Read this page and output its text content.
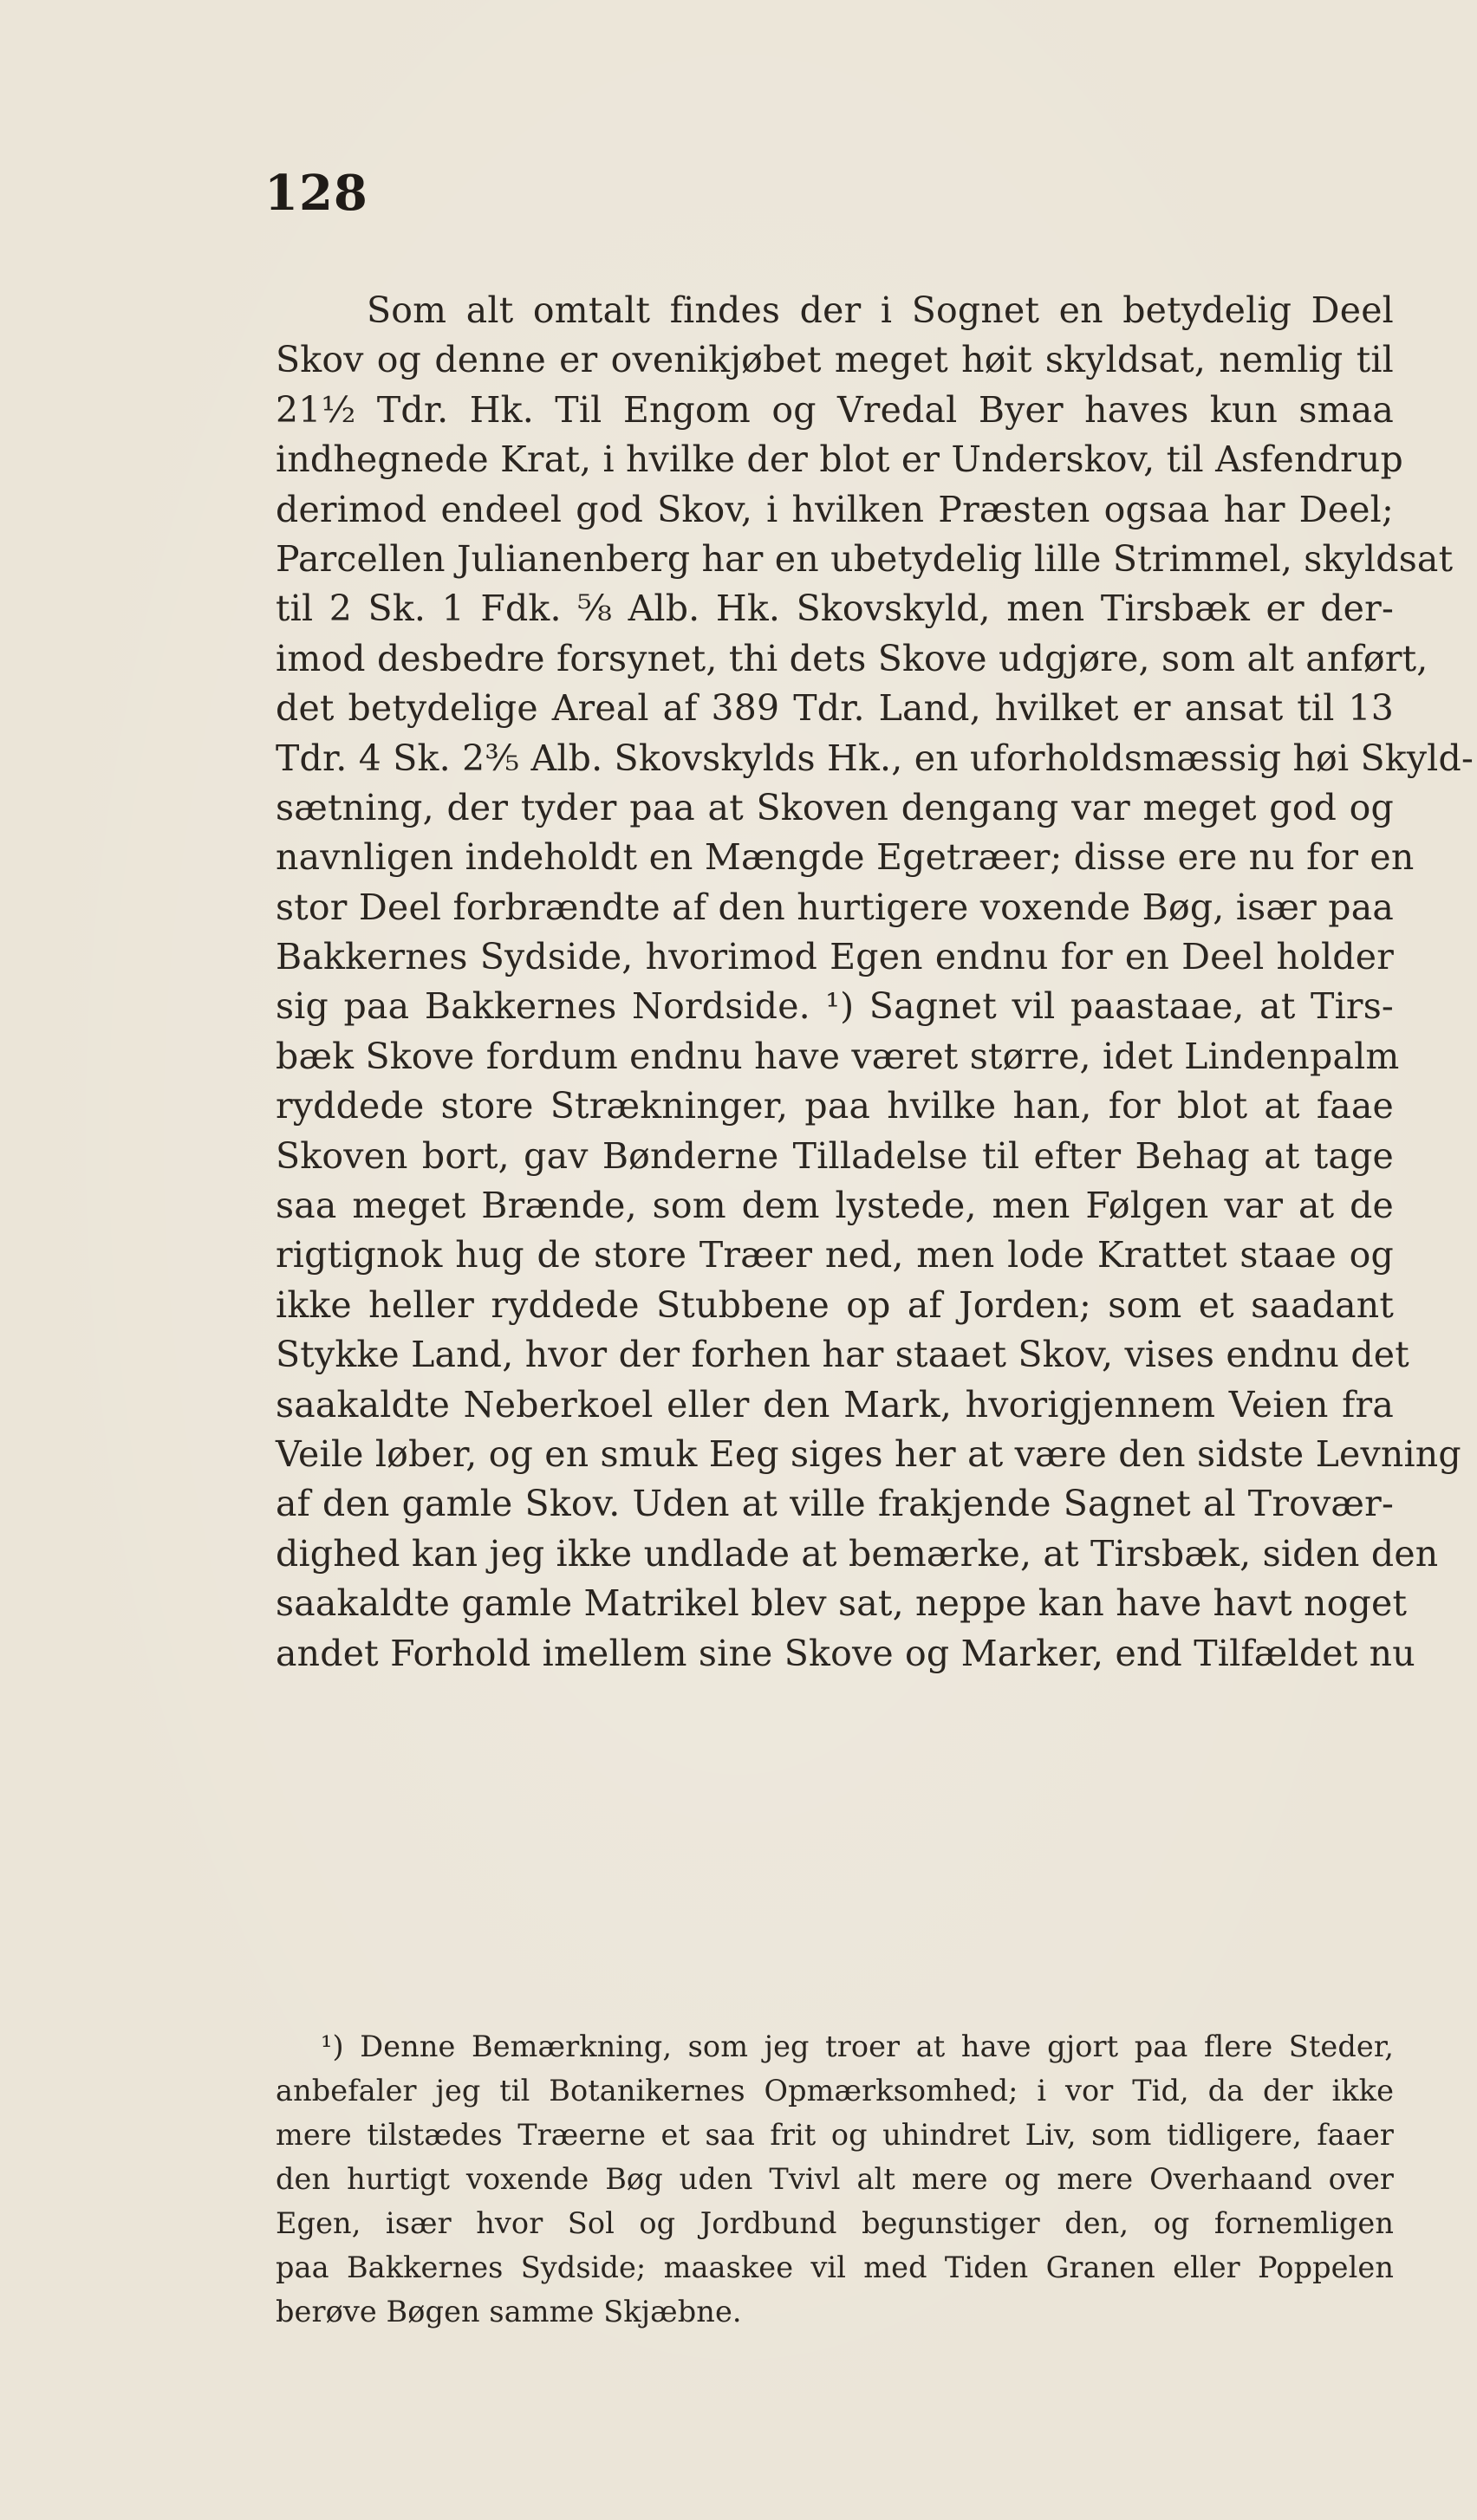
128
Som alt omtalt findes der i Sognet en betydelig Deel
Skov og denne er ovenikjøbet meget høit skyldsat, nemlig til
21½ Tdr. Hk. Til Engom og Vredal Byer haves kun smaa
indhegnede Krat, i hvilke der blot er Underskov, til Asfendrup
derimod endeel god Skov, i hvilken Præsten ogsaa har Deel;
Parcellen Julianenberg har en ubetydelig lille Strimmel, skyldsat
til 2 Sk. 1 Fdk. ⅝ Alb. Hk. Skovskyld, men Tirsbæk er der-
imod desbedre forsynet, thi dets Skove udgjøre, som alt anført,
det betydelige Areal af 389 Tdr. Land, hvilket er ansat til 13
Tdr. 4 Sk. 2⅗ Alb. Skovskylds Hk., en uforholdsmæssig høi Skyld-
sætning, der tyder paa at Skoven dengang var meget god og
navnligen indeholdt en Mængde Egetræer; disse ere nu for en
stor Deel forbrændte af den hurtigere voxende Bøg, især paa
Bakkernes Sydside, hvorimod Egen endnu for en Deel holder
sig paa Bakkernes Nordside. ¹) Sagnet vil paastaae, at Tirs-
bæk Skove fordum endnu have været større, idet Lindenpalm
ryddede store Strækninger, paa hvilke han, for blot at faae
Skoven bort, gav Bønderne Tilladelse til efter Behag at tage
saa meget Brænde, som dem lystede, men Følgen var at de
rigtignok hug de store Træer ned, men lode Krattet staae og
ikke heller ryddede Stubbene op af Jorden; som et saadant
Stykke Land, hvor der forhen har staaet Skov, vises endnu det
saakaldte Neberkoel eller den Mark, hvorigjennem Veien fra
Veile løber, og en smuk Eeg siges her at være den sidste Levning
af den gamle Skov. Uden at ville frakjende Sagnet al Trovær-
dighed kan jeg ikke undlade at bemærke, at Tirsbæk, siden den
saakaldte gamle Matrikel blev sat, neppe kan have havt noget
andet Forhold imellem sine Skove og Marker, end Tilfældet nu
¹) Denne Bemærkning, som jeg troer at have gjort paa flere Steder,
anbefaler jeg til Botanikernes Opmærksomhed; i vor Tid, da der ikke
mere tilstædes Træerne et saa frit og uhindret Liv, som tidligere, faaer
den hurtigt voxende Bøg uden Tvivl alt mere og mere Overhaand over
Egen, især hvor Sol og Jordbund begunstiger den, og fornemligen
paa Bakkernes Sydside; maaskee vil med Tiden Granen eller Poppelen
berøve Bøgen samme Skjæbne.
